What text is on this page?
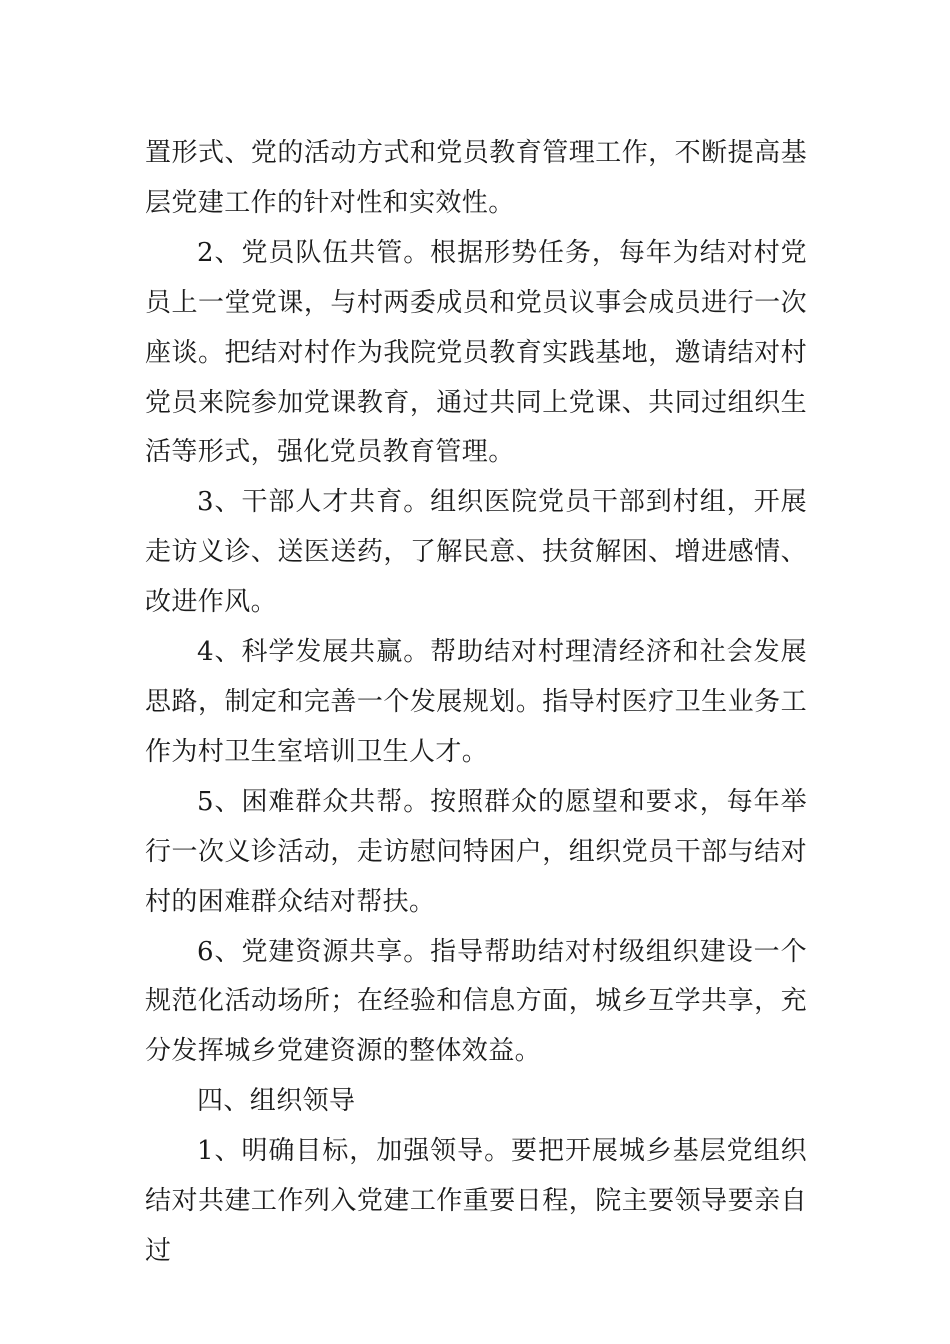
置形式、党的活动方式和党员教育管理工作，不断提高基层党建工作的针对性和实效性。

2、党员队伍共管。根据形势任务，每年为结对村党员上一堂党课，与村两委成员和党员议事会成员进行一次座谈。把结对村作为我院党员教育实践基地，邀请结对村党员来院参加党课教育，通过共同上党课、共同过组织生活等形式，强化党员教育管理。

3、干部人才共育。组织医院党员干部到村组，开展走访义诊、送医送药，了解民意、扶贫解困、增进感情、改进作风。

4、科学发展共赢。帮助结对村理清经济和社会发展思路，制定和完善一个发展规划。指导村医疗卫生业务工作为村卫生室培训卫生人才。

5、困难群众共帮。按照群众的愿望和要求，每年举行一次义诊活动，走访慰问特困户，组织党员干部与结对村的困难群众结对帮扶。

6、党建资源共享。指导帮助结对村级组织建设一个规范化活动场所；在经验和信息方面，城乡互学共享，充分发挥城乡党建资源的整体效益。

四、组织领导

1、明确目标，加强领导。要把开展城乡基层党组织结对共建工作列入党建工作重要日程，院主要领导要亲自过
